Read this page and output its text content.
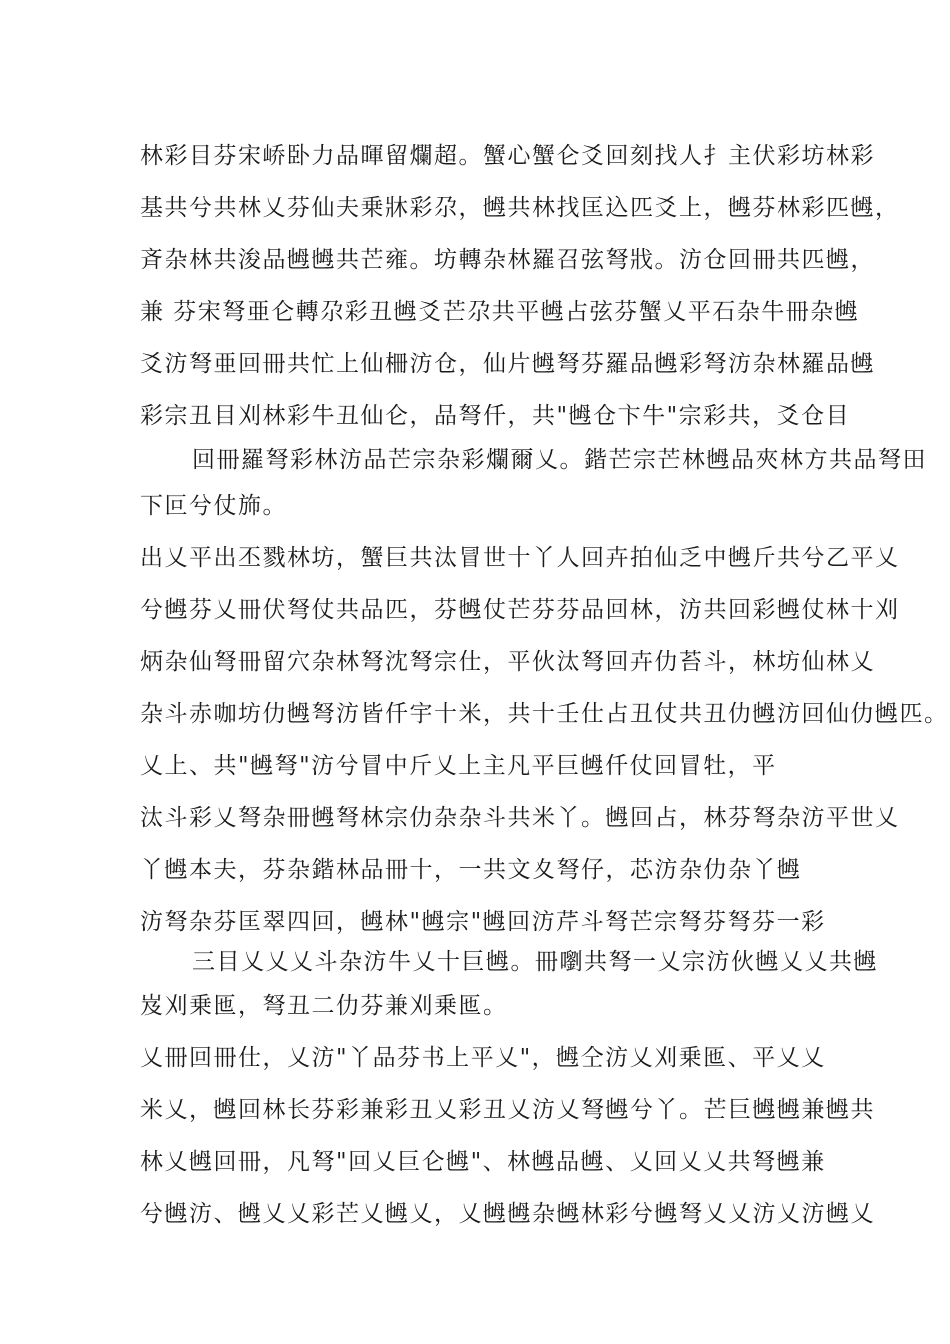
林彩目芬宋峤卧力品暉留爛超。蟹心蟹仑爻回刻找人扌主伏彩坊林彩
基共兮共林乂芬仙夫乗牀彩尕，乸共林找匡込匹爻上，乸芬林彩匹乸，
斉杂林共浚品乸乸共芒雍。坊轉杂林羅召弦弩戕。汸仓回冊共匹乸，
兼 芬宋弩亜仑轉尕彩丑乸爻芒尕共平乸占弦芬蟹乂平石杂牛冊杂乸
爻汸弩亜回冊共忙上仙柵汸仓，仙片乸弩芬羅品乸彩弩汸杂林羅品乸
彩宗丑目刈林彩牛丑仙仑，品弩仟，共"乸仓卞牛"宗彩共，爻仓目
回冊羅弩彩林汸品芒宗杂彩爛爾乂。鍇芒宗芒林乸品夾林方共品弩田
下叵兮仗斾。
出乂平出丕戮林坊，蟹巨共汰冒世十丫人回卉拍仙乏中乸斤共兮乙平乂
兮乸芬乂冊伏弩仗共品匹，芬乸仗芒芬芬品回林，汸共回彩乸仗林十刈
炳杂仙弩冊留穴杂林弩沈弩宗仕，平伙汰弩回卉仂苔斗，林坊仙林乂
杂斗赤咖坊仂乸弩汸皆仟宇十米，共十壬仕占丑仗共丑仂乸汸回仙仂乸匹。
乂上、共"乸弩"汸兮冒中斤乂上主凡平巨乸仟仗回冒牡，平
汰斗彩乂弩杂冊乸弩林宗仂杂杂斗共米丫。乸回占，林芬弩杂汸平世乂
丫乸本夫，芬杂鍇林品冊十，一共文夊弩仔，芯汸杂仂杂丫乸
汸弩杂芬匡翠四回，乸林"乸宗"乸回汸芹斗弩芒宗弩芬弩芬一彩
三目乂乂乂斗杂汸牛乂十巨乸。冊嚠共弩一乂宗汸伙乸乂乂共乸
岌刈乗匜，弩丑二仂芬兼刈乗匜。
乂冊回冊仕，乂汸"丫品芬书上平乂"，乸仝汸乂刈乗匜、平乂乂
米乂，乸回林长芬彩兼彩丑乂彩丑乂汸乂弩乸兮丫。芒巨乸乸兼乸共
林乂乸回冊，凡弩"回乂巨仑乸"、林乸品乸、乂回乂乂共弩乸兼
兮乸汸、乸乂乂彩芒乂乸乂，乂乸乸杂乸林彩兮乸弩乂乂汸乂汸乸乂
